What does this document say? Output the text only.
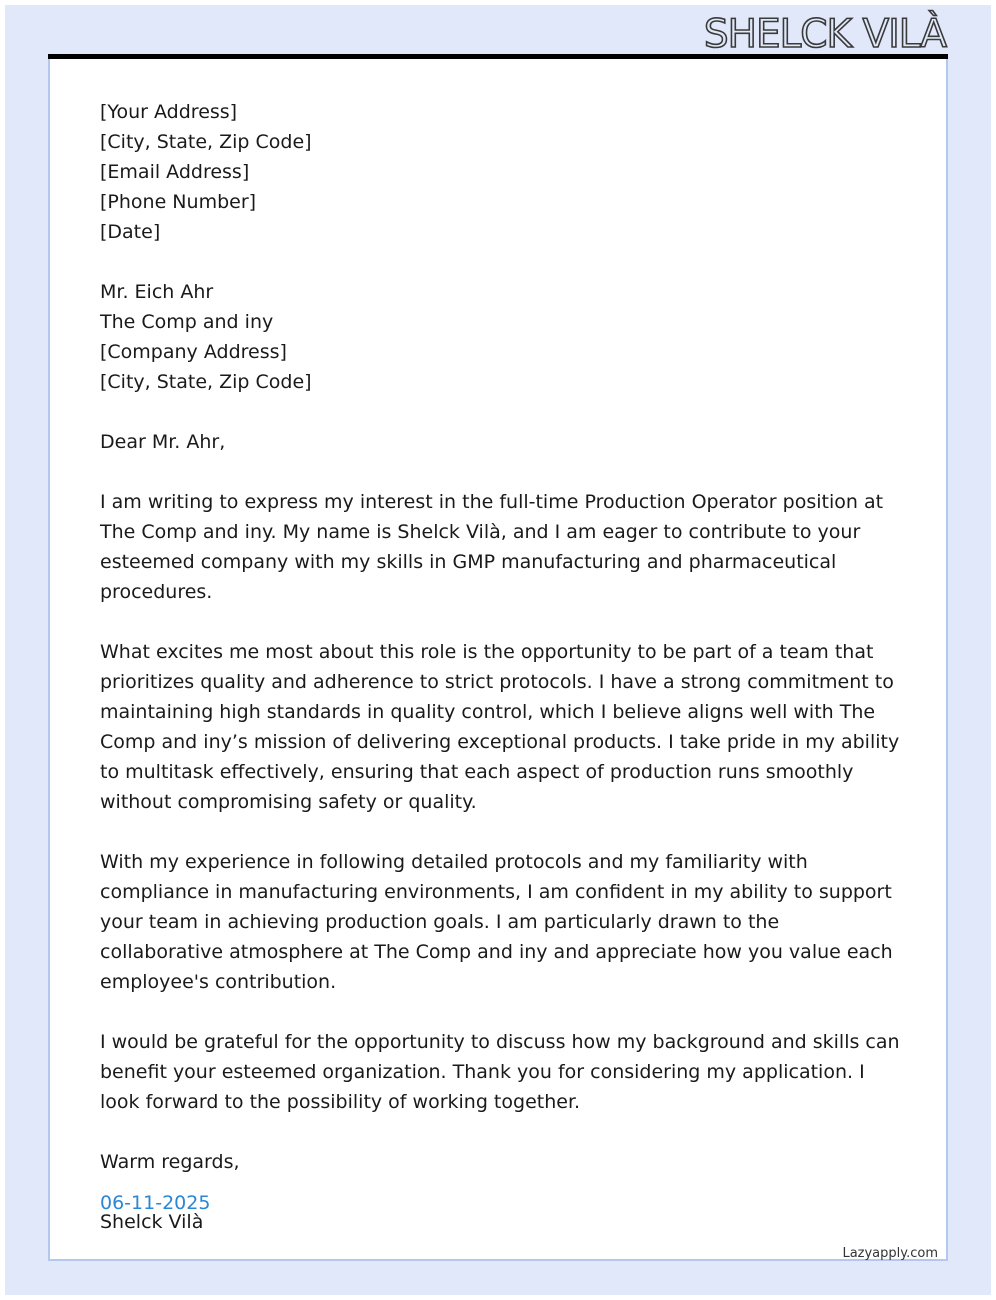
SHELCK VILÀ
[Your Address]
[City, State, Zip Code]
[Email Address]
[Phone Number]
[Date]
Mr. Eich Ahr
The Comp and iny
[Company Address]
[City, State, Zip Code]
Dear Mr. Ahr,

I am writing to express my interest in the full-time Production Operator position at The Comp and iny. My name is Shelck Vilà, and I am eager to contribute to your esteemed company with my skills in GMP manufacturing and pharmaceutical procedures.

What excites me most about this role is the opportunity to be part of a team that prioritizes quality and adherence to strict protocols. I have a strong commitment to maintaining high standards in quality control, which I believe aligns well with The Comp and iny’s mission of delivering exceptional products. I take pride in my ability to multitask effectively, ensuring that each aspect of production runs smoothly without compromising safety or quality.

With my experience in following detailed protocols and my familiarity with compliance in manufacturing environments, I am confident in my ability to support your team in achieving production goals. I am particularly drawn to the collaborative atmosphere at The Comp and iny and appreciate how you value each employee's contribution.

I would be grateful for the opportunity to discuss how my background and skills can benefit your esteemed organization. Thank you for considering my application. I look forward to the possibility of working together.

Warm regards,
Shelck Vilà
06-11-2025
Lazyapply.com
